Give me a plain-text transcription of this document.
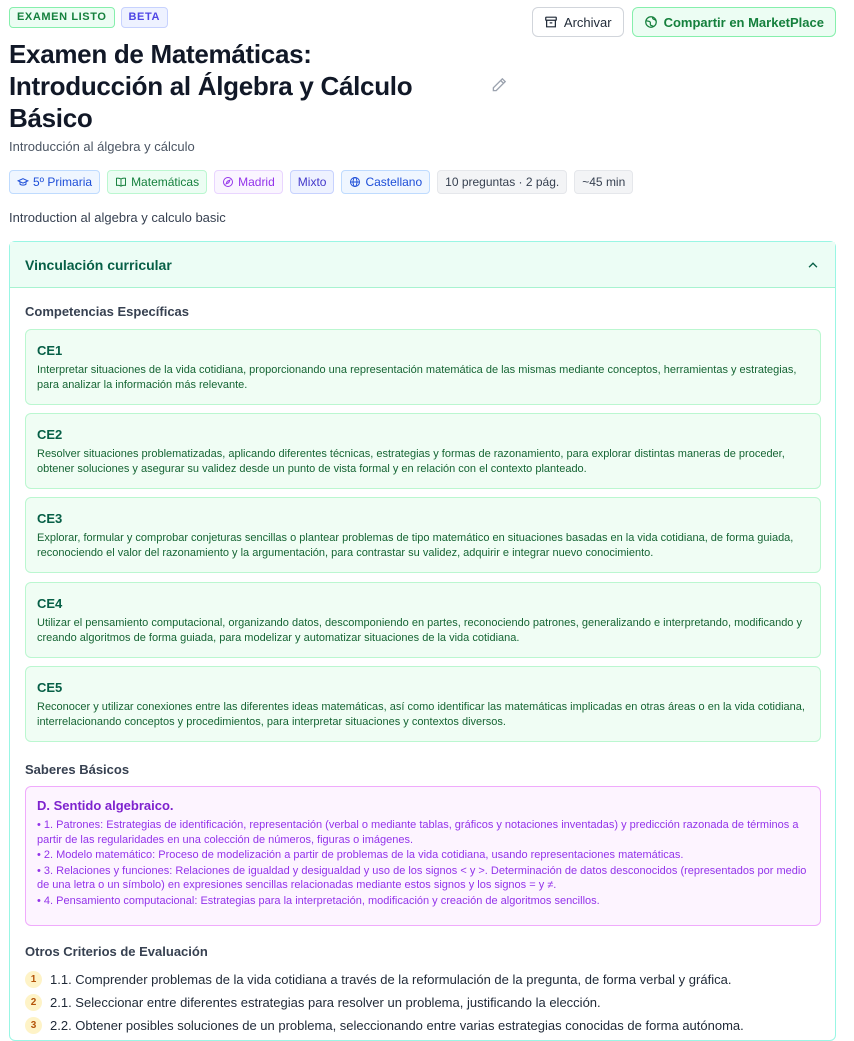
EXAMEN LISTO	BETA	Archivar	Compartir en MarketPlace
Examen de Matemáticas:
Introducción al Álgebra y Cálculo
Básico
Introducción al álgebra y cálculo
5º Primaria	Matemáticas	Madrid Mixto	Castellano 10 preguntas · 2 pág. ~45 min
Introduction al algebra y calculo basic
Vinculación curricular
Competencias Específicas
CE1
Interpretar situaciones de la vida cotidiana, proporcionando una representación matemática de las mismas mediante conceptos, herramientas y estrategias, para analizar la información más relevante.
CE2
Resolver situaciones problematizadas, aplicando diferentes técnicas, estrategias y formas de razonamiento, para explorar distintas maneras de proceder, obtener soluciones y asegurar su validez desde un punto de vista formal y en relación con el contexto planteado.
CE3
Explorar, formular y comprobar conjeturas sencillas o plantear problemas de tipo matemático en situaciones basadas en la vida cotidiana, de forma guiada, reconociendo el valor del razonamiento y la argumentación, para contrastar su validez, adquirir e integrar nuevo conocimiento.
CE4
Utilizar el pensamiento computacional, organizando datos, descomponiendo en partes, reconociendo patrones, generalizando e interpretando, modificando y creando algoritmos de forma guiada, para modelizar y automatizar situaciones de la vida cotidiana.
CE5
Reconocer y utilizar conexiones entre las diferentes ideas matemáticas, así como identificar las matemáticas implicadas en otras áreas o en la vida cotidiana, interrelacionando conceptos y procedimientos, para interpretar situaciones y contextos diversos.
Saberes Básicos
D. Sentido algebraico.
• 1. Patrones: Estrategias de identificación, representación (verbal o mediante tablas, gráficos y notaciones inventadas) y predicción razonada de términos a partir de las regularidades en una colección de números, figuras o imágenes.
• 2. Modelo matemático: Proceso de modelización a partir de problemas de la vida cotidiana, usando representaciones matemáticas.
• 3. Relaciones y funciones: Relaciones de igualdad y desigualdad y uso de los signos < y >. Determinación de datos desconocidos (representados por medio de una letra o un símbolo) en expresiones sencillas relacionadas mediante estos signos y los signos = y ≠.
• 4. Pensamiento computacional: Estrategias para la interpretación, modificación y creación de algoritmos sencillos.
Otros Criterios de Evaluación
1	1.1. Comprender problemas de la vida cotidiana a través de la reformulación de la pregunta, de forma verbal y gráfica.
2	2.1. Seleccionar entre diferentes estrategias para resolver un problema, justificando la elección.
3	2.2. Obtener posibles soluciones de un problema, seleccionando entre varias estrategias conocidas de forma autónoma.
